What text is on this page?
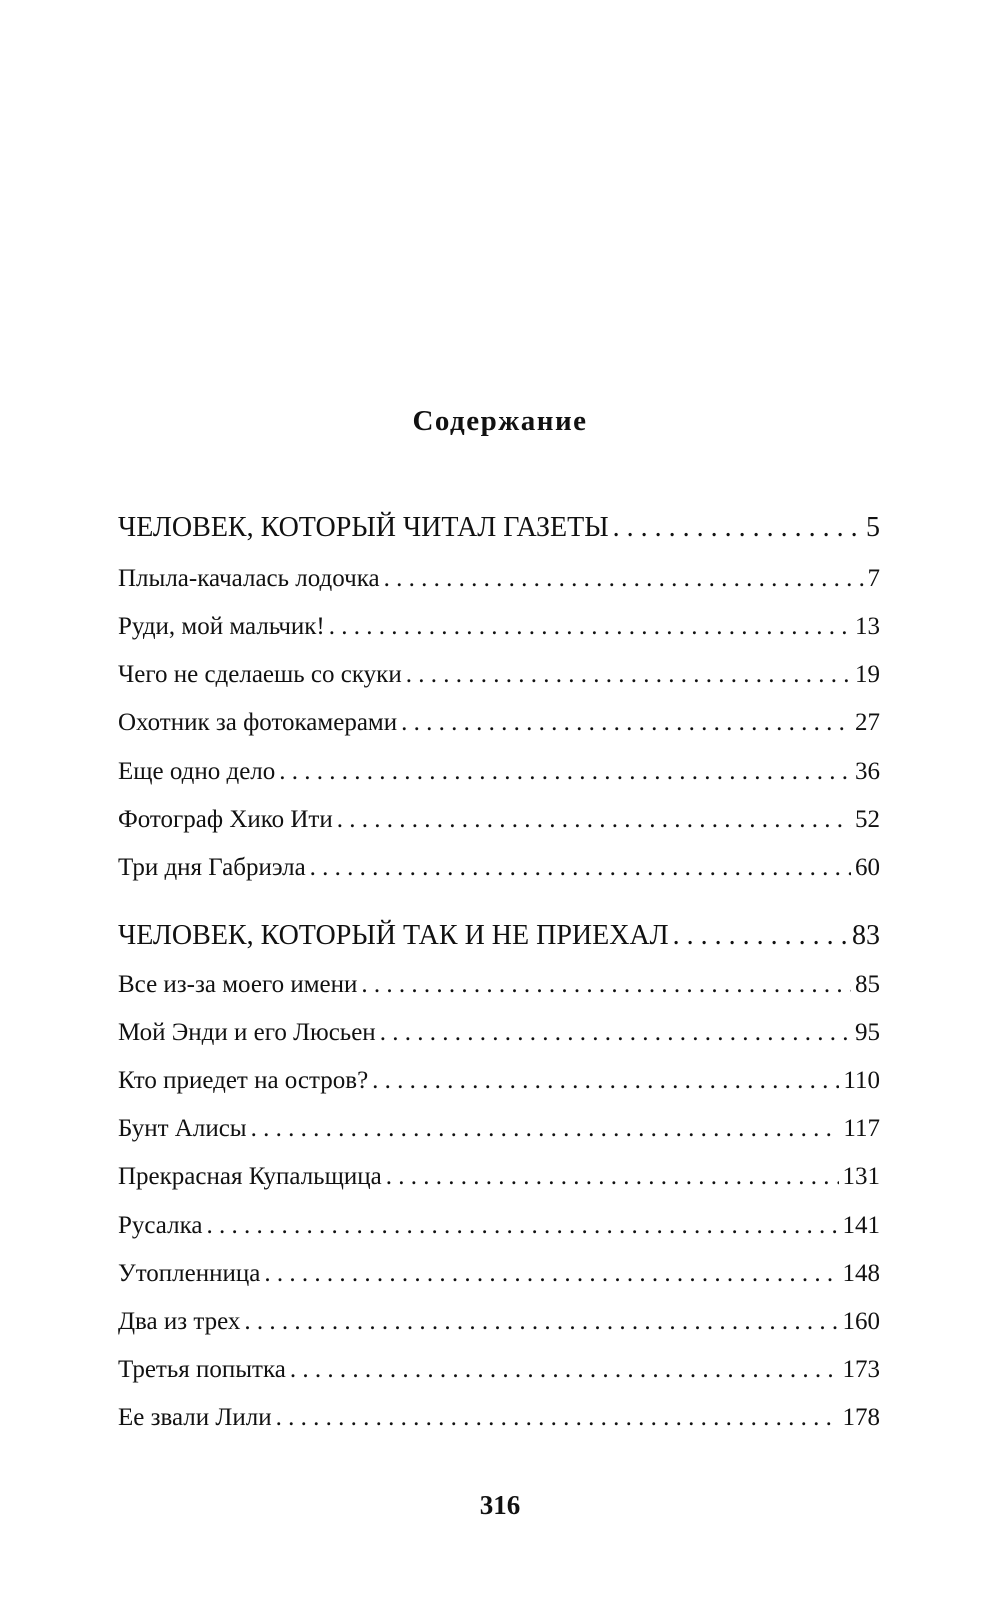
Содержание
ЧЕЛОВЕК, КОТОРЫЙ ЧИТАЛ ГАЗЕТЫ . . .	5
Плыла-качалась лодочка . . .	7
Руди, мой мальчик! . . .	13
Чего не сделаешь со скуки . . .	19
Охотник за фотокамерами . . .	27
Еще одно дело . . .	36
Фотограф Хико Ити . . .	52
Три дня Габриэла . . .	60
ЧЕЛОВЕК, КОТОРЫЙ ТАК И НЕ ПРИЕХАЛ . . .	83
Все из-за моего имени . . .	85
Мой Энди и его Люсьен . . .	95
Кто приедет на остров? . . .	110
Бунт Алисы . . .	117
Прекрасная Купальщица . . .	131
Русалка . . .	141
Утопленница . . .	148
Два из трех . . .	160
Третья попытка . . .	173
Ее звали Лили . . .	178

316
